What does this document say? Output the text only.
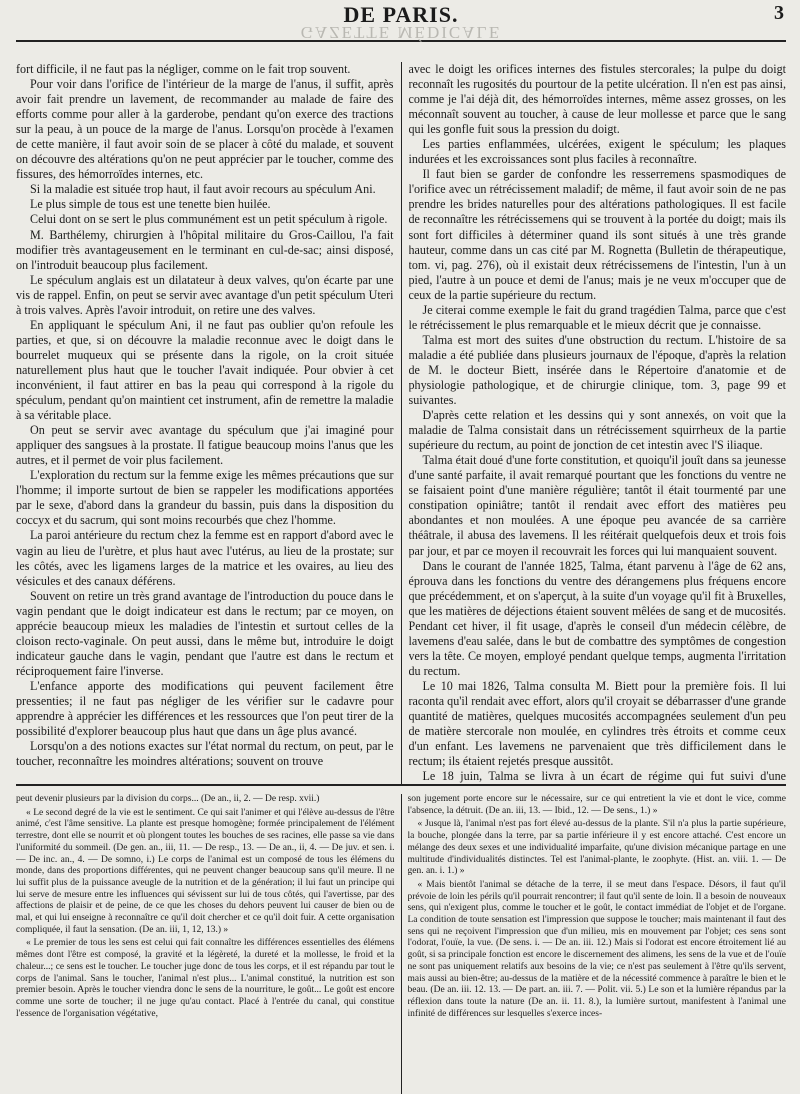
GAZETTE MÉDICALE
DE PARIS.	3

fort difficile, il ne faut pas la négliger, comme on le fait trop souvent.

Pour voir dans l'orifice de l'intérieur de la marge de l'anus, il suffit, après avoir fait prendre un lavement, de recommander au malade de faire des efforts comme pour aller à la garderobe, pendant qu'on exerce des tractions sur la peau, à un pouce de la marge de l'anus. Lorsqu'on procède à l'examen de cette manière, il faut avoir soin de se placer à côté du malade, et souvent on découvre des altérations qu'on ne peut apprécier par le toucher, comme des fissures, des hémorroïdes internes, etc.

Si la maladie est située trop haut, il faut avoir recours au spéculum Ani.

Le plus simple de tous est une tenette bien huilée.

Celui dont on se sert le plus communément est un petit spéculum à rigole.

M. Barthélemy, chirurgien à l'hôpital militaire du Gros-Caillou, l'a fait modifier très avantageusement en le terminant en cul-de-sac; ainsi disposé, on l'introduit beaucoup plus facilement.

Le spéculum anglais est un dilatateur à deux valves, qu'on écarte par une vis de rappel. Enfin, on peut se servir avec avantage d'un petit spéculum Uteri à trois valves. Après l'avoir introduit, on retire une des valves.

En appliquant le spéculum Ani, il ne faut pas oublier qu'on refoule les parties, et que, si on découvre la maladie reconnue avec le doigt dans le bourrelet muqueux qui se présente dans la rigole, on la croit située naturellement plus haut que le toucher l'avait indiquée. Pour obvier à cet inconvénient, il faut attirer en bas la peau qui correspond à la rigole du spéculum, pendant qu'on maintient cet instrument, afin de remettre la maladie à sa véritable place.

On peut se servir avec avantage du spéculum que j'ai imaginé pour appliquer des sangsues à la prostate. Il fatigue beaucoup moins l'anus que les autres, et il permet de voir plus facilement.

L'exploration du rectum sur la femme exige les mêmes précautions que sur l'homme; il importe surtout de bien se rappeler les modifications apportées par le sexe, d'abord dans la grandeur du bassin, puis dans la disposition du coccyx et du sacrum, qui sont moins recourbés que chez l'homme.

La paroi antérieure du rectum chez la femme est en rapport d'abord avec le vagin au lieu de l'urètre, et plus haut avec l'utérus, au lieu de la prostate; sur les côtés, avec les ligamens larges de la matrice et les ovaires, au lieu des vésicules et des canaux déférens.

Souvent on retire un très grand avantage de l'introduction du pouce dans le vagin pendant que le doigt indicateur est dans le rectum; par ce moyen, on apprécie beaucoup mieux les maladies de l'intestin et surtout celles de la cloison recto-vaginale. On peut aussi, dans le même but, introduire le doigt indicateur gauche dans le vagin, pendant que l'autre est dans le rectum et réciproquement faire l'inverse.

L'enfance apporte des modifications qui peuvent facilement être pressenties; il ne faut pas négliger de les vérifier sur le cadavre pour apprendre à apprécier les différences et les ressources que l'on peut tirer de la possibilité d'explorer beaucoup plus haut que dans un âge plus avancé.

Lorsqu'on a des notions exactes sur l'état normal du rectum, on peut, par le toucher, reconnaître les moindres altérations; souvent on trouve

avec le doigt les orifices internes des fistules stercorales; la pulpe du doigt reconnaît les rugosités du pourtour de la petite ulcération. Il n'en est pas ainsi, comme je l'ai déjà dit, des hémorroïdes internes, même assez grosses, on les méconnaît souvent au toucher, à cause de leur mollesse et parce que le sang qui les gonfle fuit sous la pression du doigt.

Les parties enflammées, ulcérées, exigent le spéculum; les plaques indurées et les excroissances sont plus faciles à reconnaître.

Il faut bien se garder de confondre les resserremens spasmodiques de l'orifice avec un rétrécissement maladif; de même, il faut avoir soin de ne pas prendre les brides naturelles pour des altérations pathologiques. Il est facile de reconnaître les rétrécissemens qui se trouvent à la portée du doigt; mais ils sont fort difficiles à déterminer quand ils sont situés à une très grande hauteur, comme dans un cas cité par M. Rognetta (Bulletin de thérapeutique, tom. vi, pag. 276), où il existait deux rétrécissemens de l'intestin, l'un à un pied, l'autre à un pouce et demi de l'anus; mais je ne veux m'occuper que de ceux de la partie supérieure du rectum.

Je citerai comme exemple le fait du grand tragédien Talma, parce que c'est le rétrécissement le plus remarquable et le mieux décrit que je connaisse.

Talma est mort des suites d'une obstruction du rectum. L'histoire de sa maladie a été publiée dans plusieurs journaux de l'époque, d'après la relation de M. le docteur Biett, insérée dans le Répertoire d'anatomie et de physiologie pathologique, et de chirurgie clinique, tom. 3, page 99 et suivantes.

D'après cette relation et les dessins qui y sont annexés, on voit que la maladie de Talma consistait dans un rétrécissement squirrheux de la partie supérieure du rectum, au point de jonction de cet intestin avec l'S iliaque.

Talma était doué d'une forte constitution, et quoiqu'il jouît dans sa jeunesse d'une santé parfaite, il avait remarqué pourtant que les fonctions du ventre ne se faisaient point d'une manière régulière; tantôt il était tourmenté par une constipation opiniâtre; tantôt il rendait avec effort des matières peu abondantes et non moulées. A une époque peu avancée de sa carrière théâtrale, il abusa des lavemens. Il les réitérait quelquefois deux et trois fois par jour, et par ce moyen il recouvrait les forces qui lui manquaient souvent.

Dans le courant de l'année 1825, Talma, étant parvenu à l'âge de 62 ans, éprouva dans les fonctions du ventre des dérangemens plus fréquens encore que précédemment, et on s'aperçut, à la suite d'un voyage qu'il fit à Bruxelles, que les matières de déjections étaient souvent mêlées de sang et de mucosités. Pendant cet hiver, il fit usage, d'après le conseil d'un médecin célèbre, de lavemens d'eau salée, dans le but de combattre des symptômes de congestion vers la tête. Ce moyen, employé pendant quelque temps, augmenta l'irritation du rectum.

Le 10 mai 1826, Talma consulta M. Biett pour la première fois. Il lui raconta qu'il rendait avec effort, alors qu'il croyait se débarrasser d'une grande quantité de matières, quelques mucosités accompagnées seulement d'un peu de matière stercorale non moulée, en cylindres très étroits et comme ceux d'un enfant. Les lavemens ne parvenaient que très difficilement dans le rectum; ils étaient rejetés presque aussitôt.

Le 18 juin, Talma se livra à un écart de régime qui fut suivi d'une

peut devenir plusieurs par la division du corps... (De an., ii, 2. — De resp. xvii.)

« Le second degré de la vie est le sentiment. Ce qui sait l'animer et qui l'élève au-dessus de l'être animé, c'est l'âme sensitive. La plante est presque homogène; formée principalement de l'élément terrestre, dont elle se nourrit et où plongent toutes les bouches de ses racines, elle passe sa vie dans l'uniformité du sommeil. (De gen. an., iii, 11. — De resp., 13. — De an., ii, 4. — De juv. et sen. i. — De inc. an., 4. — De somno, i.) Le corps de l'animal est un composé de tous les élémens du monde, dans des proportions différentes, qui ne peuvent changer beaucoup sans qu'il meure. Il ne lui suffit plus de la puissance aveugle de la nutrition et de la génération; il lui faut un principe qui lui serve de mesure entre les influences qui sévissent sur lui de tous côtés, qui l'avertisse, par des affections de plaisir et de peine, de ce que les choses du dehors peuvent lui causer de bien ou de mal, et qui lui enseigne à reconnaître ce qu'il doit chercher et ce qu'il doit fuir. A cette organisation compliquée, il faut la sensation. (De an. iii, 1, 12, 13.) »

« Le premier de tous les sens est celui qui fait connaître les différences essentielles des élémens mêmes dont l'être est composé, la gravité et la légèreté, la dureté et la mollesse, le froid et la chaleur...; ce sens est le toucher. Le toucher juge donc de tous les corps, et il est répandu par tout le corps de l'animal. Sans le toucher, l'animal n'est plus... L'animal constitué, la nutrition est son premier besoin. Après le toucher viendra donc le sens de la nourriture, le goût... Le goût est encore comme une sorte de toucher; il ne juge qu'au contact. Placé à l'entrée du canal, qui constitue l'essence de l'organisation végétative,

son jugement porte encore sur le nécessaire, sur ce qui entretient la vie et dont le vice, comme l'absence, la détruit. (De an. iii, 13. — Ibid., 12. — De sens., 1.) »

« Jusque là, l'animal n'est pas fort élevé au-dessus de la plante. S'il n'a plus la partie supérieure, la bouche, plongée dans la terre, par sa partie inférieure il y est encore attaché. C'est encore un mélange des deux sexes et une individualité imparfaite, qu'une division mécanique partage en une multitude d'individualités distinctes. Tel est l'animal-plante, le zoophyte. (Hist. an. viii. 1. — De gen. an. i. 1.) »

« Mais bientôt l'animal se détache de la terre, il se meut dans l'espace. Désors, il faut qu'il prévoie de loin les périls qu'il pourrait rencontrer; il faut qu'il sente de loin. Il a besoin de nouveaux sens, qui n'exigent plus, comme le toucher et le goût, le contact immédiat de l'objet et de l'organe. La condition de toute sensation est l'impression que suppose le toucher; mais maintenant il faut des sens qui ne reçoivent l'impression que d'un milieu, mis en mouvement par l'objet; ces sens sont l'odorat, l'ouïe, la vue. (De sens. i. — De an. iii. 12.) Mais si l'odorat est encore étroitement lié au goût, si sa principale fonction est encore le discernement des alimens, les sens de la vue et de l'ouïe ne sont pas uniquement relatifs aux besoins de la vie; ce n'est pas seulement à l'être qu'ils servent, mais aussi au bien-être; au-dessus de la matière et de la nécessité commence à paraître le bien et le beau. (De an. iii. 12. 13. — De part. an. iii. 7. — Polit. vii. 5.) Le son et la lumière répandus par la réflexion dans toute la nature (De an. ii. 11. 8.), la lumière surtout, manifestent à l'animal une infinité de différences sur lesquelles s'exerce inces-
